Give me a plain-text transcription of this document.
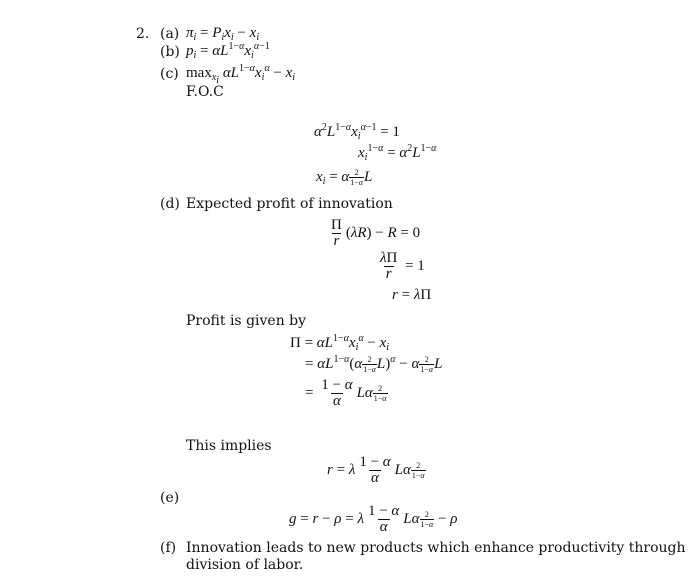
2. (a) $\pi_i = P_ix_i - x_i$
(b) $p_i = \alpha L^{1-\alpha}x_i^{\alpha-1}$
(c) $\max_{x_i} \alpha L^{1-\alpha}x_i^\alpha - x_i$
F.O.C
$\alpha^2L^{1-\alpha}x_i^{\alpha-1} = 1$
$x_i^{1-\alpha} = \alpha^2L^{1-\alpha}$
$x_i = \alpha \frac{2}{1-\alpha}$ L
(d) Expected profit of innovation
$\frac{\Pi}{r} (\lambda R) - R = 0$
$\frac{\lambda\Pi}{r} = 1$
r = λΠ
Profit is given by
$\Pi = \alpha L^{1-\alpha}x_i^\alpha - x_i$
= $\alpha L^{1-\alpha}(\alpha \frac{2}{1-\alpha} L)^\alpha - \alpha \frac{2}{1-\alpha}$ L
= $\frac{1 - \alpha}{\alpha}$ Lα $\frac{2}{1-\alpha}$
This implies
r = λ $\frac{1 - \alpha}{\alpha}$ Lα $\frac{2}{1-\alpha}$
(e)
g = r − ρ = λ $\frac{1 - \alpha}{\alpha}$ Lα $\frac{2}{1-\alpha} - \rho$
(f) Innovation leads to new products which enhance productivity through
division of labor.
